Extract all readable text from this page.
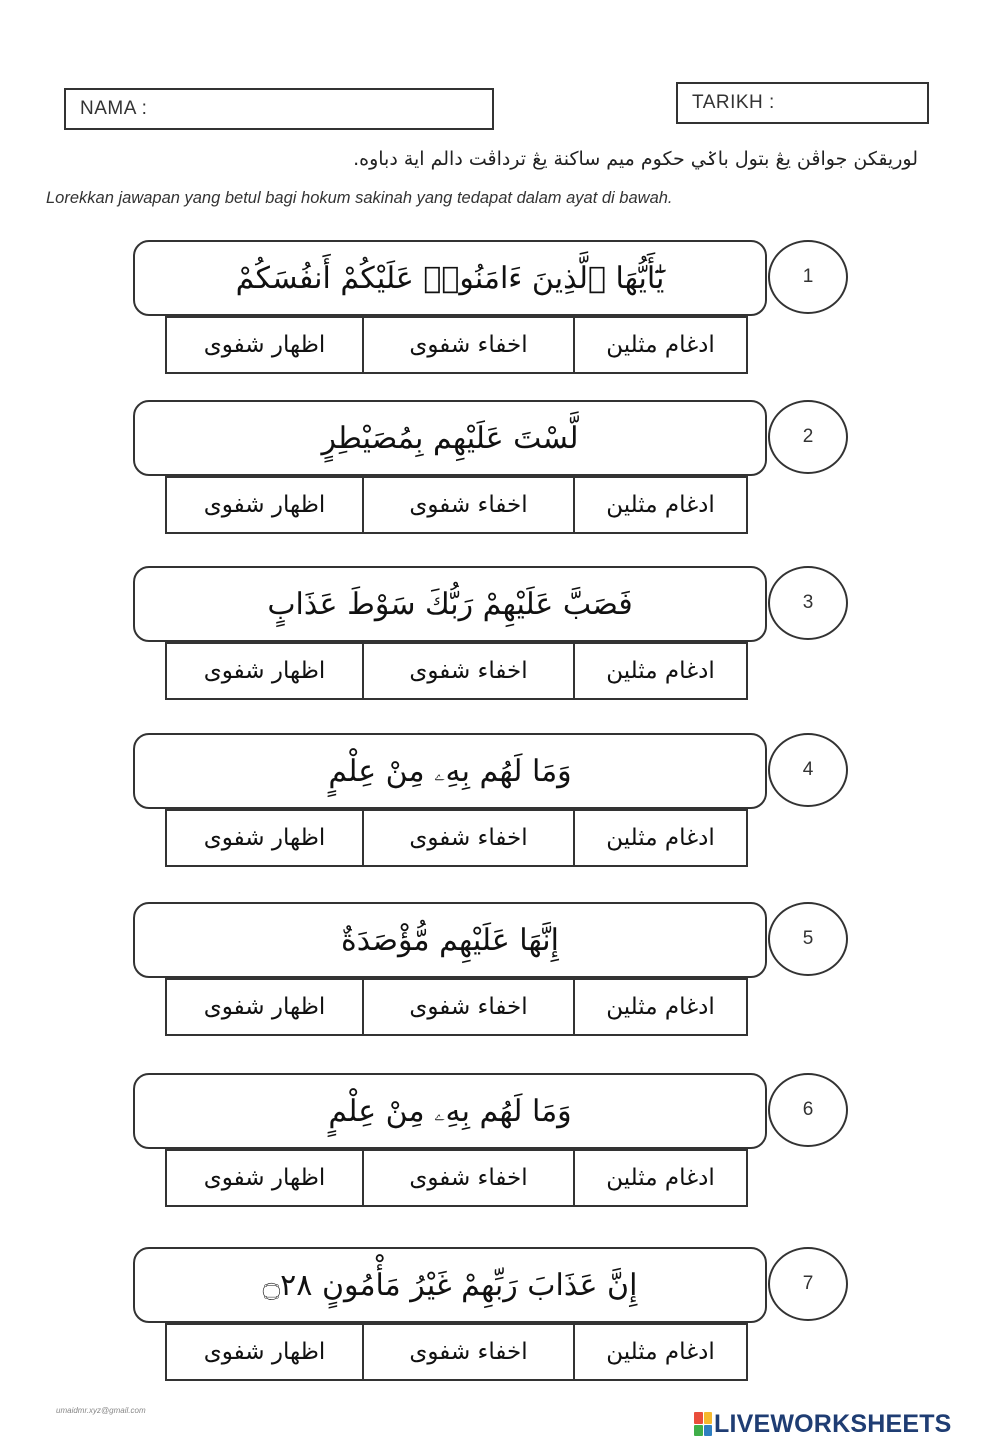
NAMA :	TARIKH :
لوريقكن جواڤن يڠ بتول باݢي حكوم ميم ساكنة يڠ ترداڤت دالم اية دباوه.
Lorekkan jawapan yang betul bagi hokum sakinah yang tedapat dalam ayat di bawah.
يَٰٓأَيُّهَا ٱلَّذِينَ ءَامَنُوا۟ عَلَيْكُمْ أَنفُسَكُمْ	1
ادغام مثلين
اخفاء شفوى
اظهار شفوى
لَّسْتَ عَلَيْهِم بِمُصَيْطِرٍ	2
ادغام مثلين
اخفاء شفوى
اظهار شفوى
فَصَبَّ عَلَيْهِمْ رَبُّكَ سَوْطَ عَذَابٍ	3
ادغام مثلين
اخفاء شفوى
اظهار شفوى
وَمَا لَهُم بِهِۦ مِنْ عِلْمٍ	4
ادغام مثلين
اخفاء شفوى
اظهار شفوى
إِنَّهَا عَلَيْهِم مُّؤْصَدَةٌ	5
ادغام مثلين
اخفاء شفوى
اظهار شفوى
وَمَا لَهُم بِهِۦ مِنْ عِلْمٍ	6
ادغام مثلين
اخفاء شفوى
اظهار شفوى
إِنَّ عَذَابَ رَبِّهِمْ غَيْرُ مَأْمُونٍ ۝٢٨	7
ادغام مثلين
اخفاء شفوى
اظهار شفوى
umaidmr.xyz@gmail.com	LIVEWORKSHEETS
